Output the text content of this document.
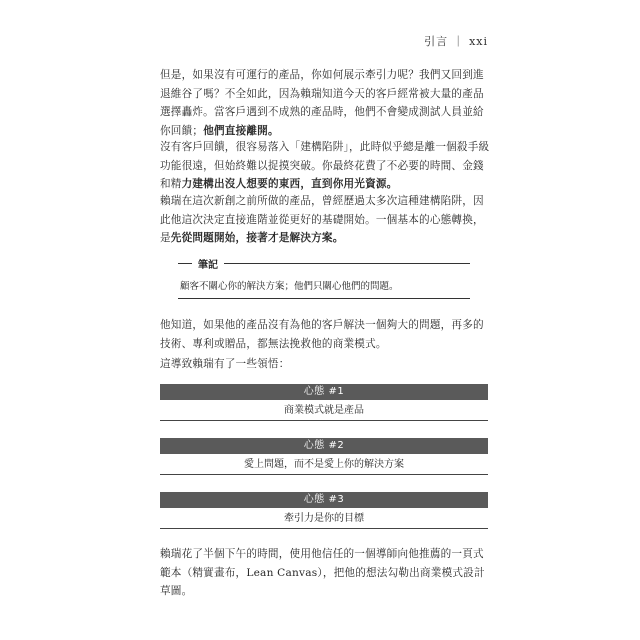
引言 ｜ xxi

但是，如果沒有可運行的產品，你如何展示牽引力呢？我們又回到進退維谷了嗎？不全如此，因為賴瑞知道今天的客戶經常被大量的產品選擇轟炸。當客戶遇到不成熟的產品時，他們不會變成測試人員並給你回饋；他們直接離開。

沒有客戶回饋，很容易落入「建構陷阱」，此時似乎總是離一個殺手級功能很遠，但始終難以捉摸突破。你最終花費了不必要的時間、金錢和精力建構出沒人想要的東西，直到你用光資源。

賴瑞在這次新創之前所做的產品，曾經歷過太多次這種建構陷阱，因此他這次決定直接進階並從更好的基礎開始。一個基本的心態轉換，是先從問題開始，接著才是解決方案。

筆記
顧客不關心你的解決方案；他們只關心他們的問題。

他知道，如果他的產品沒有為他的客戶解決一個夠大的問題，再多的技術、專利或贈品，都無法挽救他的商業模式。

這導致賴瑞有了一些領悟：

心態 #1
商業模式就是產品
心態 #2
愛上問題，而不是愛上你的解決方案
心態 #3
牽引力是你的目標

賴瑞花了半個下午的時間，使用他信任的一個導師向他推薦的一頁式範本（精實畫布，Lean Canvas），把他的想法勾勒出商業模式設計草圖。
